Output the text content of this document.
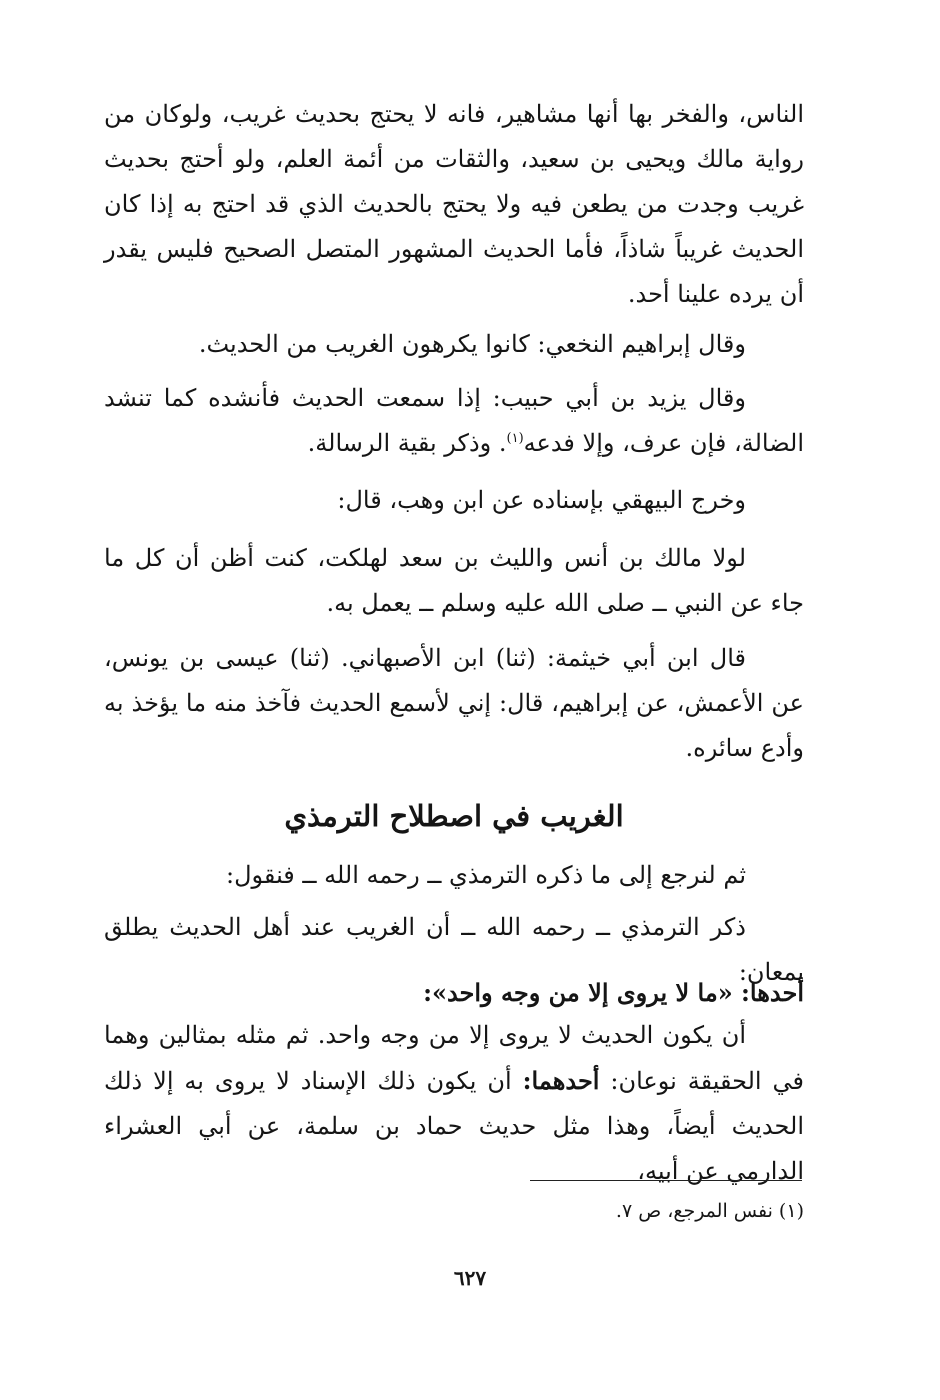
الناس، والفخر بها أنها مشاهير، فانه لا يحتج بحديث غريب، ولوكان من رواية مالك ويحيى بن سعيد، والثقات من أئمة العلم، ولو أحتج بحديث غريب وجدت من يطعن فيه ولا يحتج بالحديث الذي قد احتج به إذا كان الحديث غريباً شاذاً، فأما الحديث المشهور المتصل الصحيح فليس يقدر أن يرده علينا أحد.
وقال إبراهيم النخعي: كانوا يكرهون الغريب من الحديث.
وقال يزيد بن أبي حبيب: إذا سمعت الحديث فأنشده كما تنشد الضالة، فإن عرف، وإلا فدعه$^{(١)}$. وذكر بقية الرسالة.
وخرج البيهقي بإسناده عن ابن وهب، قال:
لولا مالك بن أنس والليث بن سعد لهلكت، كنت أظن أن كل ما جاء عن النبي ــ صلى الله عليه وسلم ــ يعمل به.
قال ابن أبي خيثمة: (ثنا) ابن الأصبهاني. (ثنا) عيسى بن يونس، عن الأعمش، عن إبراهيم، قال: إني لأسمع الحديث فآخذ منه ما يؤخذ به وأدع سائره.
الغريب في اصطلاح الترمذي
ثم لنرجع إلى ما ذكره الترمذي ــ رحمه الله ــ فنقول:
ذكر الترمذي ــ رحمه الله ــ أن الغريب عند أهل الحديث يطلق بمعان:
أحدها: «ما لا يروى إلا من وجه واحد»:
أن يكون الحديث لا يروى إلا من وجه واحد. ثم مثله بمثالين وهما في الحقيقة نوعان: أحدهما: أن يكون ذلك الإسناد لا يروى به إلا ذلك الحديث أيضاً، وهذا مثل حديث حماد بن سلمة، عن أبي العشراء الدارمي عن أبيه،
(١) نفس المرجع، ص ٧.
٦٢٧
